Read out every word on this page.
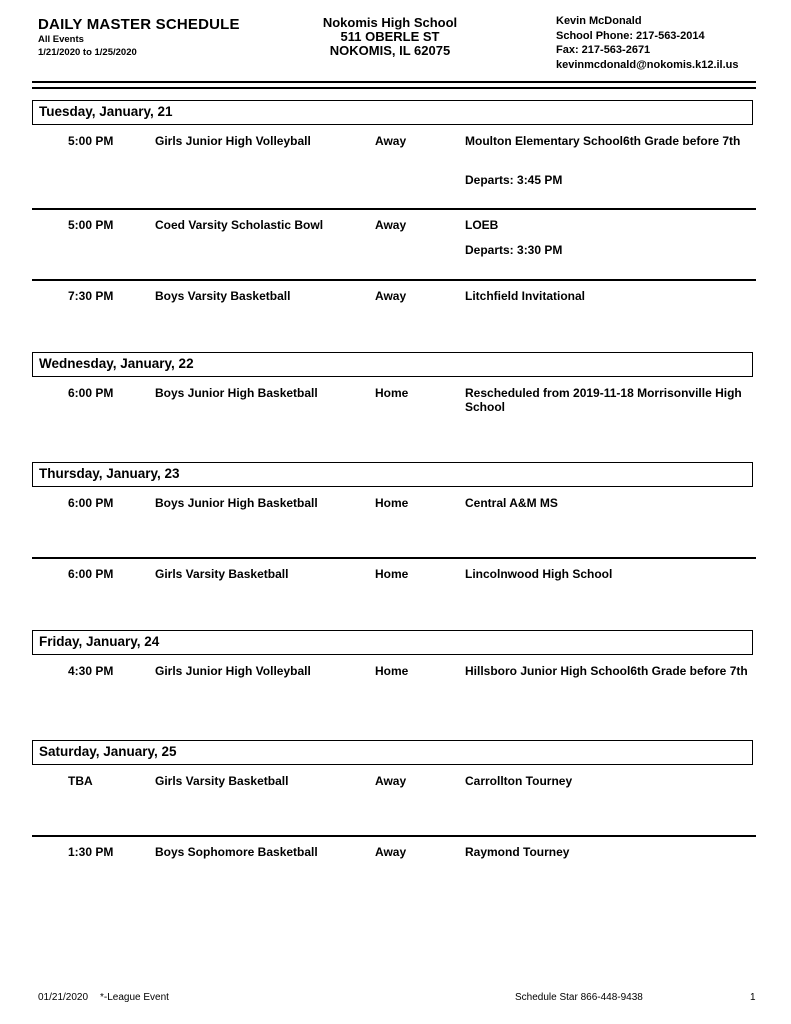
DAILY MASTER SCHEDULE
All Events
1/21/2020 to 1/25/2020
Nokomis High School
511 OBERLE ST
NOKOMIS, IL 62075
Kevin McDonald
School Phone: 217-563-2014
Fax: 217-563-2671
kevinmcdonald@nokomis.k12.il.us
Tuesday, January, 21
5:00 PM	Girls Junior High Volleyball	Away	Moulton Elementary School6th Grade before 7th
Departs: 3:45 PM
5:00 PM	Coed Varsity Scholastic Bowl	Away	LOEB
Departs: 3:30 PM
7:30 PM	Boys Varsity Basketball	Away	Litchfield Invitational
Wednesday, January, 22
6:00 PM	Boys Junior High Basketball	Home	Rescheduled from 2019-11-18 Morrisonville High School
Thursday, January, 23
6:00 PM	Boys Junior High Basketball	Home	Central A&M MS
6:00 PM	Girls Varsity Basketball	Home	Lincolnwood High School
Friday, January, 24
4:30 PM	Girls Junior High Volleyball	Home	Hillsboro Junior High School6th Grade before 7th
Saturday, January, 25
TBA	Girls Varsity Basketball	Away	Carrollton Tourney
1:30 PM	Boys Sophomore Basketball	Away	Raymond Tourney
01/21/2020 *-League Event	Schedule Star 866-448-9438	1
